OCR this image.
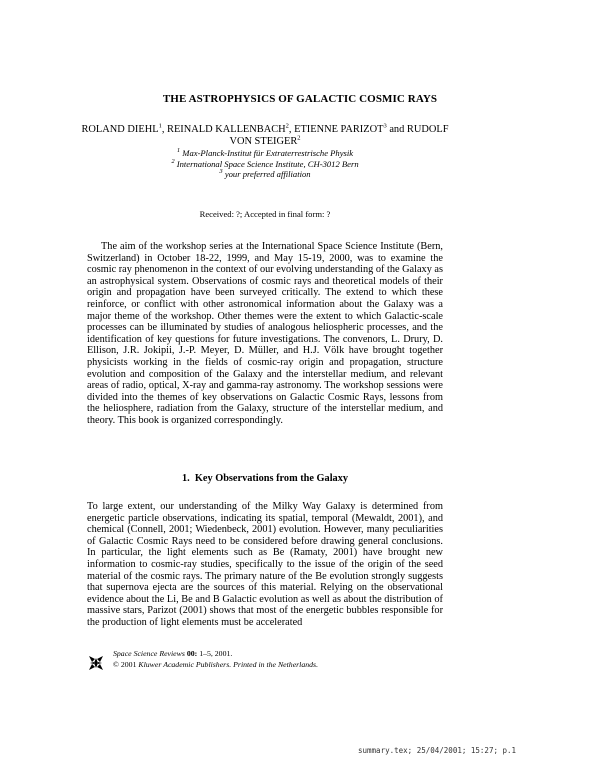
THE ASTROPHYSICS OF GALACTIC COSMIC RAYS
ROLAND DIEHL$^1$, REINALD KALLENBACH$^2$, ETIENNE PARIZOT$^3$ and RUDOLF VON STEIGER$^2$
$^1$ Max-Planck-Institut für Extraterrestrische Physik
$^2$ International Space Science Institute, CH-3012 Bern
$^3$ your preferred affiliation
Received: ?; Accepted in final form: ?

The aim of the workshop series at the International Space Science Institute (Bern, Switzerland) in October 18-22, 1999, and May 15-19, 2000, was to examine the cosmic ray phenomenon in the context of our evolving understanding of the Galaxy as an astrophysical system. Observations of cosmic rays and theoretical models of their origin and propagation have been surveyed critically. The extend to which these reinforce, or conflict with other astronomical information about the Galaxy was a major theme of the workshop. Other themes were the extent to which Galactic-scale processes can be illuminated by studies of analogous heliospheric processes, and the identification of key questions for future investigations. The convenors, L. Drury, D. Ellison, J.R. Jokipii, J.-P. Meyer, D. Müller, and H.J. Völk have brought together physicists working in the fields of cosmic-ray origin and propagation, structure evolution and composition of the Galaxy and the interstellar medium, and relevant areas of radio, optical, X-ray and gamma-ray astronomy. The workshop sessions were divided into the themes of key observations on Galactic Cosmic Rays, lessons from the heliosphere, radiation from the Galaxy, structure of the interstellar medium, and theory. This book is organized correspondingly.

1. Key Observations from the Galaxy

To large extent, our understanding of the Milky Way Galaxy is determined from energetic particle observations, indicating its spatial, temporal (Mewaldt, 2001), and chemical (Connell, 2001; Wiedenbeck, 2001) evolution. However, many peculiarities of Galactic Cosmic Rays need to be considered before drawing general conclusions. In particular, the light elements such as Be (Ramaty, 2001) have brought new information to cosmic-ray studies, specifically to the issue of the origin of the seed material of the cosmic rays. The primary nature of the Be evolution strongly suggests that supernova ejecta are the sources of this material. Relying on the observational evidence about the Li, Be and B Galactic evolution as well as about the distribution of massive stars, Parizot (2001) shows that most of the energetic bubbles responsible for the production of light elements must be accelerated

Space Science Reviews 00: 1–5, 2001.
© 2001 Kluwer Academic Publishers. Printed in the Netherlands.
summary.tex; 25/04/2001; 15:27; p.1
